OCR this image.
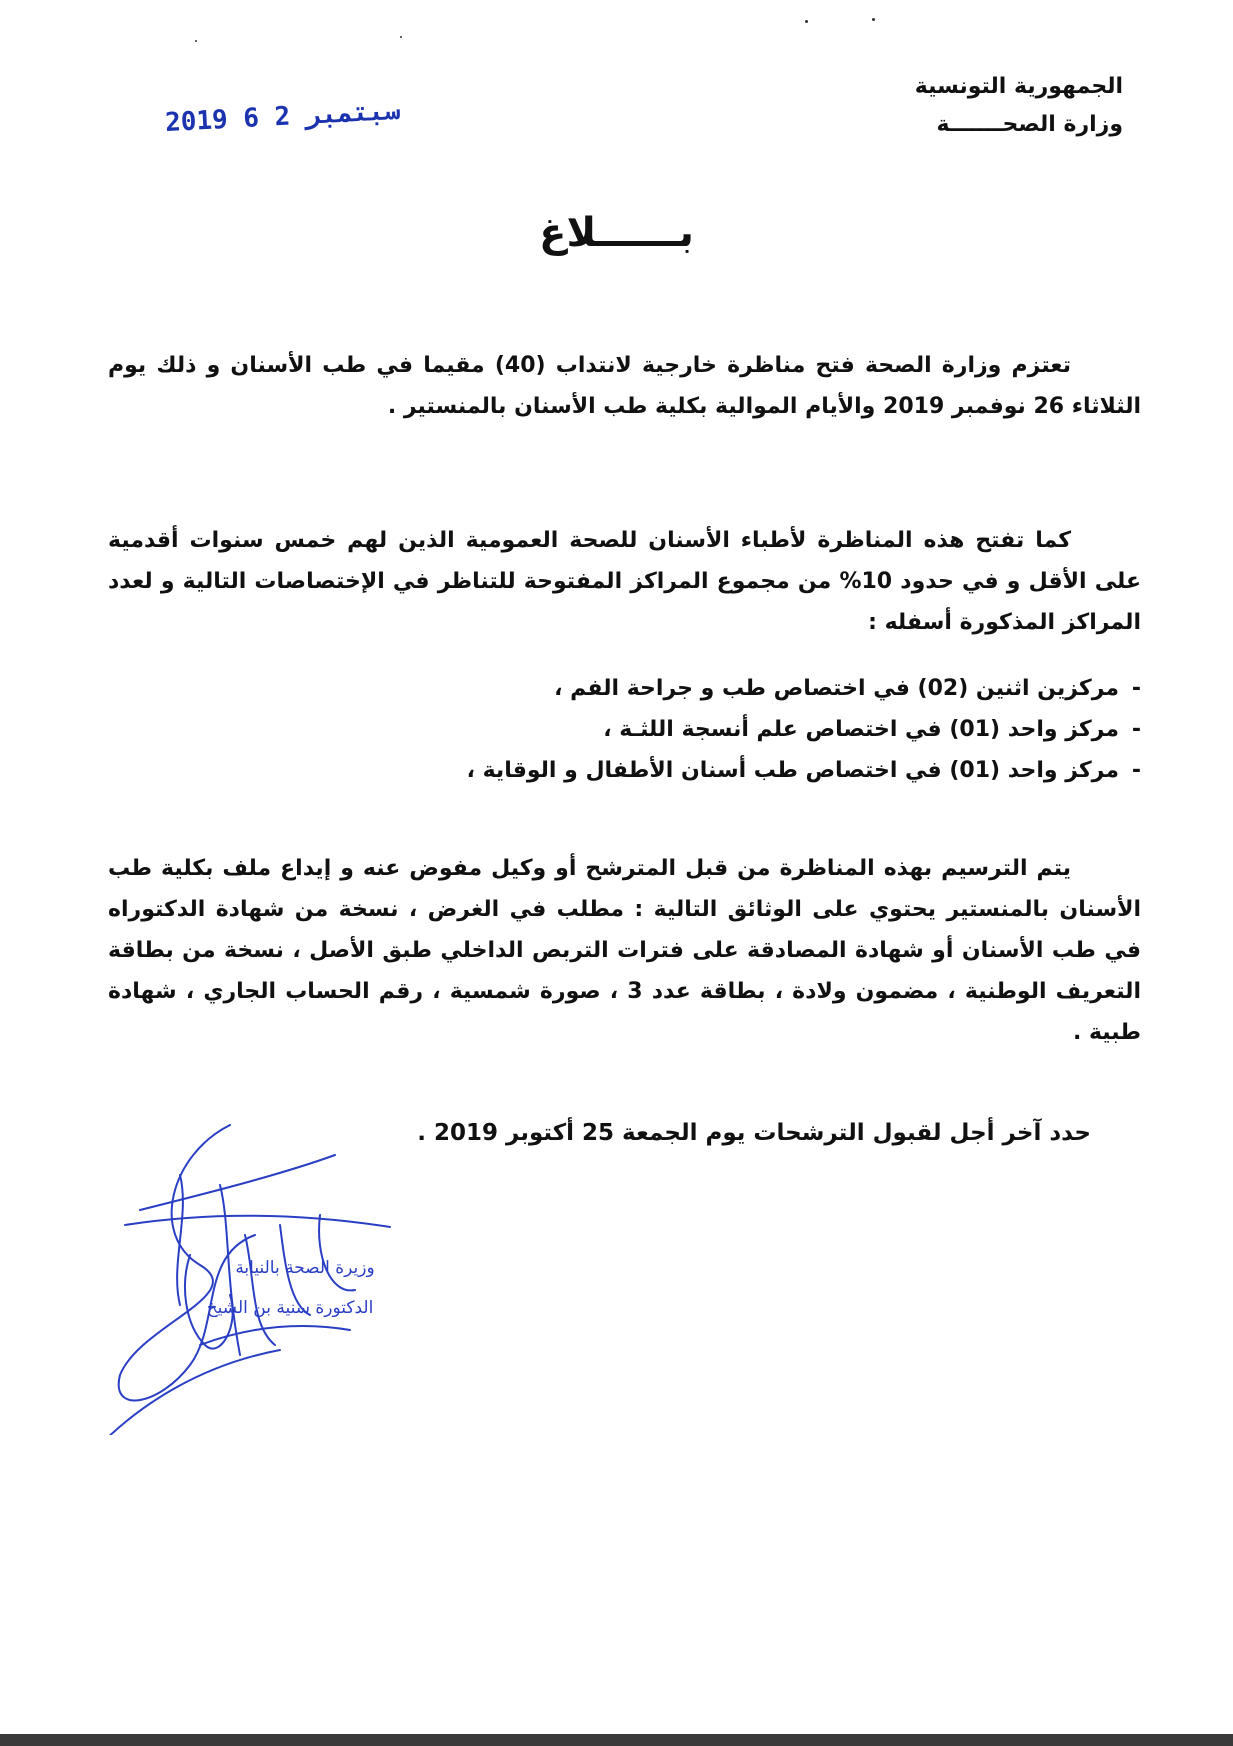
الجمهورية التونسية
وزارة الصحـــــــة
2019 سبتمبر 2 6
بــــــلاغ
تعتزم وزارة الصحة فتح مناظرة خارجية لانتداب (40) مقيما في طب الأسنان و ذلك يوم الثلاثاء 26 نوفمبر 2019 والأيام الموالية بكلية طب الأسنان بالمنستير .
كما تفتح هذه المناظرة لأطباء الأسنان للصحة العمومية الذين لهم خمس سنوات أقدمية على الأقل و في حدود 10% من مجموع المراكز المفتوحة للتناظر في الإختصاصات التالية و لعدد المراكز المذكورة أسفله :
-
مركزين اثنين (02) في اختصاص طب و جراحة الفم ،
-
مركز واحد (01) في اختصاص علم أنسجة اللثـة ،
-
مركز واحد (01) في اختصاص طب أسنان الأطفال و الوقاية ،
يتم الترسيم بهذه المناظرة من قبل المترشح أو وكيل مفوض عنه و إيداع ملف بكلية طب الأسنان بالمنستير يحتوي على الوثائق التالية : مطلب في الغرض ، نسخة من شهادة الدكتوراه في طب الأسنان أو شهادة المصادقة على فترات التربص الداخلي طبق الأصل ، نسخة من بطاقة التعريف الوطنية ، مضمون ولادة ، بطاقة عدد 3 ، صورة شمسية ، رقم الحساب الجاري ، شهادة طبية .
حدد آخر أجل لقبول الترشحات يوم الجمعة 25 أكتوبر 2019 .
وزيرة الصحة بالنيابة
الدكتورة سنية بن الشيخ
